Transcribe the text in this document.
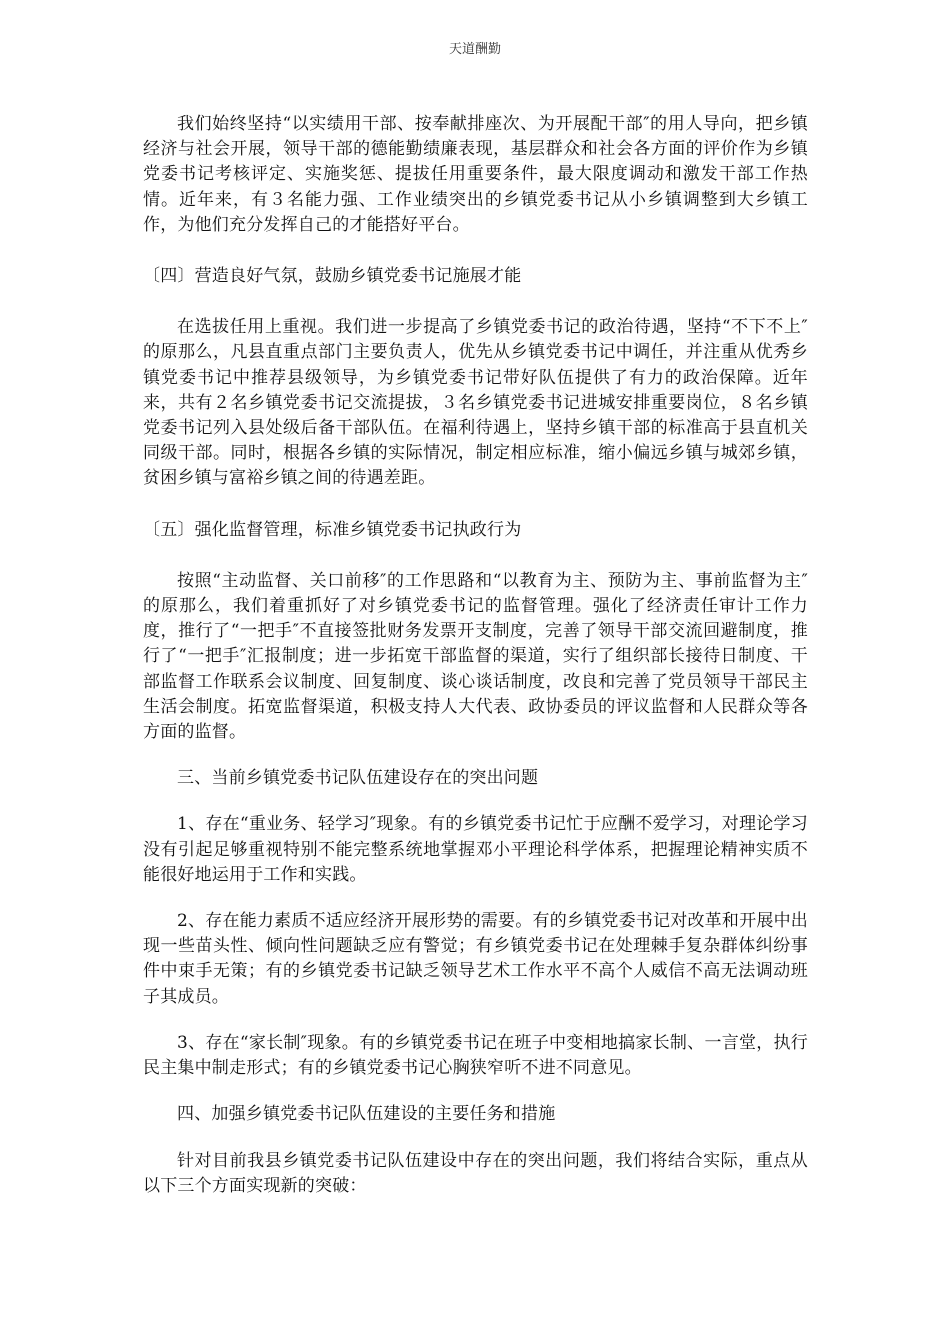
天道酬勤

我们始终坚持“以实绩用干部、按奉献排座次、为开展配干部″的用人导向，把乡镇经济与社会开展，领导干部的德能勤绩廉表现，基层群众和社会各方面的评价作为乡镇党委书记考核评定、实施奖惩、提拔任用重要条件，最大限度调动和激发干部工作热情。近年来，有３名能力强、工作业绩突出的乡镇党委书记从小乡镇调整到大乡镇工作，为他们充分发挥自己的才能搭好平台。

〔四〕营造良好气氛，鼓励乡镇党委书记施展才能

在选拔任用上重视。我们进一步提高了乡镇党委书记的政治待遇，坚持“不下不上″的原那么，凡县直重点部门主要负责人，优先从乡镇党委书记中调任，并注重从优秀乡镇党委书记中推荐县级领导，为乡镇党委书记带好队伍提供了有力的政治保障。近年来，共有２名乡镇党委书记交流提拔，３名乡镇党委书记进城安排重要岗位，８名乡镇党委书记列入县处级后备干部队伍。在福利待遇上，坚持乡镇干部的标准高于县直机关同级干部。同时，根据各乡镇的实际情况，制定相应标准，缩小偏远乡镇与城郊乡镇，贫困乡镇与富裕乡镇之间的待遇差距。

〔五〕强化监督管理，标准乡镇党委书记执政行为

按照“主动监督、关口前移″的工作思路和“以教育为主、预防为主、事前监督为主″的原那么，我们着重抓好了对乡镇党委书记的监督管理。强化了经济责任审计工作力度，推行了“一把手″不直接签批财务发票开支制度，完善了领导干部交流回避制度，推行了“一把手″汇报制度；进一步拓宽干部监督的渠道，实行了组织部长接待日制度、干部监督工作联系会议制度、回复制度、谈心谈话制度，改良和完善了党员领导干部民主生活会制度。拓宽监督渠道，积极支持人大代表、政协委员的评议监督和人民群众等各方面的监督。

三、当前乡镇党委书记队伍建设存在的突出问题

1、存在“重业务、轻学习″现象。有的乡镇党委书记忙于应酬不爱学习，对理论学习没有引起足够重视特别不能完整系统地掌握邓小平理论科学体系，把握理论精神实质不能很好地运用于工作和实践。

2、存在能力素质不适应经济开展形势的需要。有的乡镇党委书记对改革和开展中出现一些苗头性、倾向性问题缺乏应有警觉；有乡镇党委书记在处理棘手复杂群体纠纷事件中束手无策；有的乡镇党委书记缺乏领导艺术工作水平不高个人威信不高无法调动班子其成员。

3、存在“家长制″现象。有的乡镇党委书记在班子中变相地搞家长制、一言堂，执行民主集中制走形式；有的乡镇党委书记心胸狭窄听不进不同意见。

四、加强乡镇党委书记队伍建设的主要任务和措施

针对目前我县乡镇党委书记队伍建设中存在的突出问题，我们将结合实际，重点从以下三个方面实现新的突破：
